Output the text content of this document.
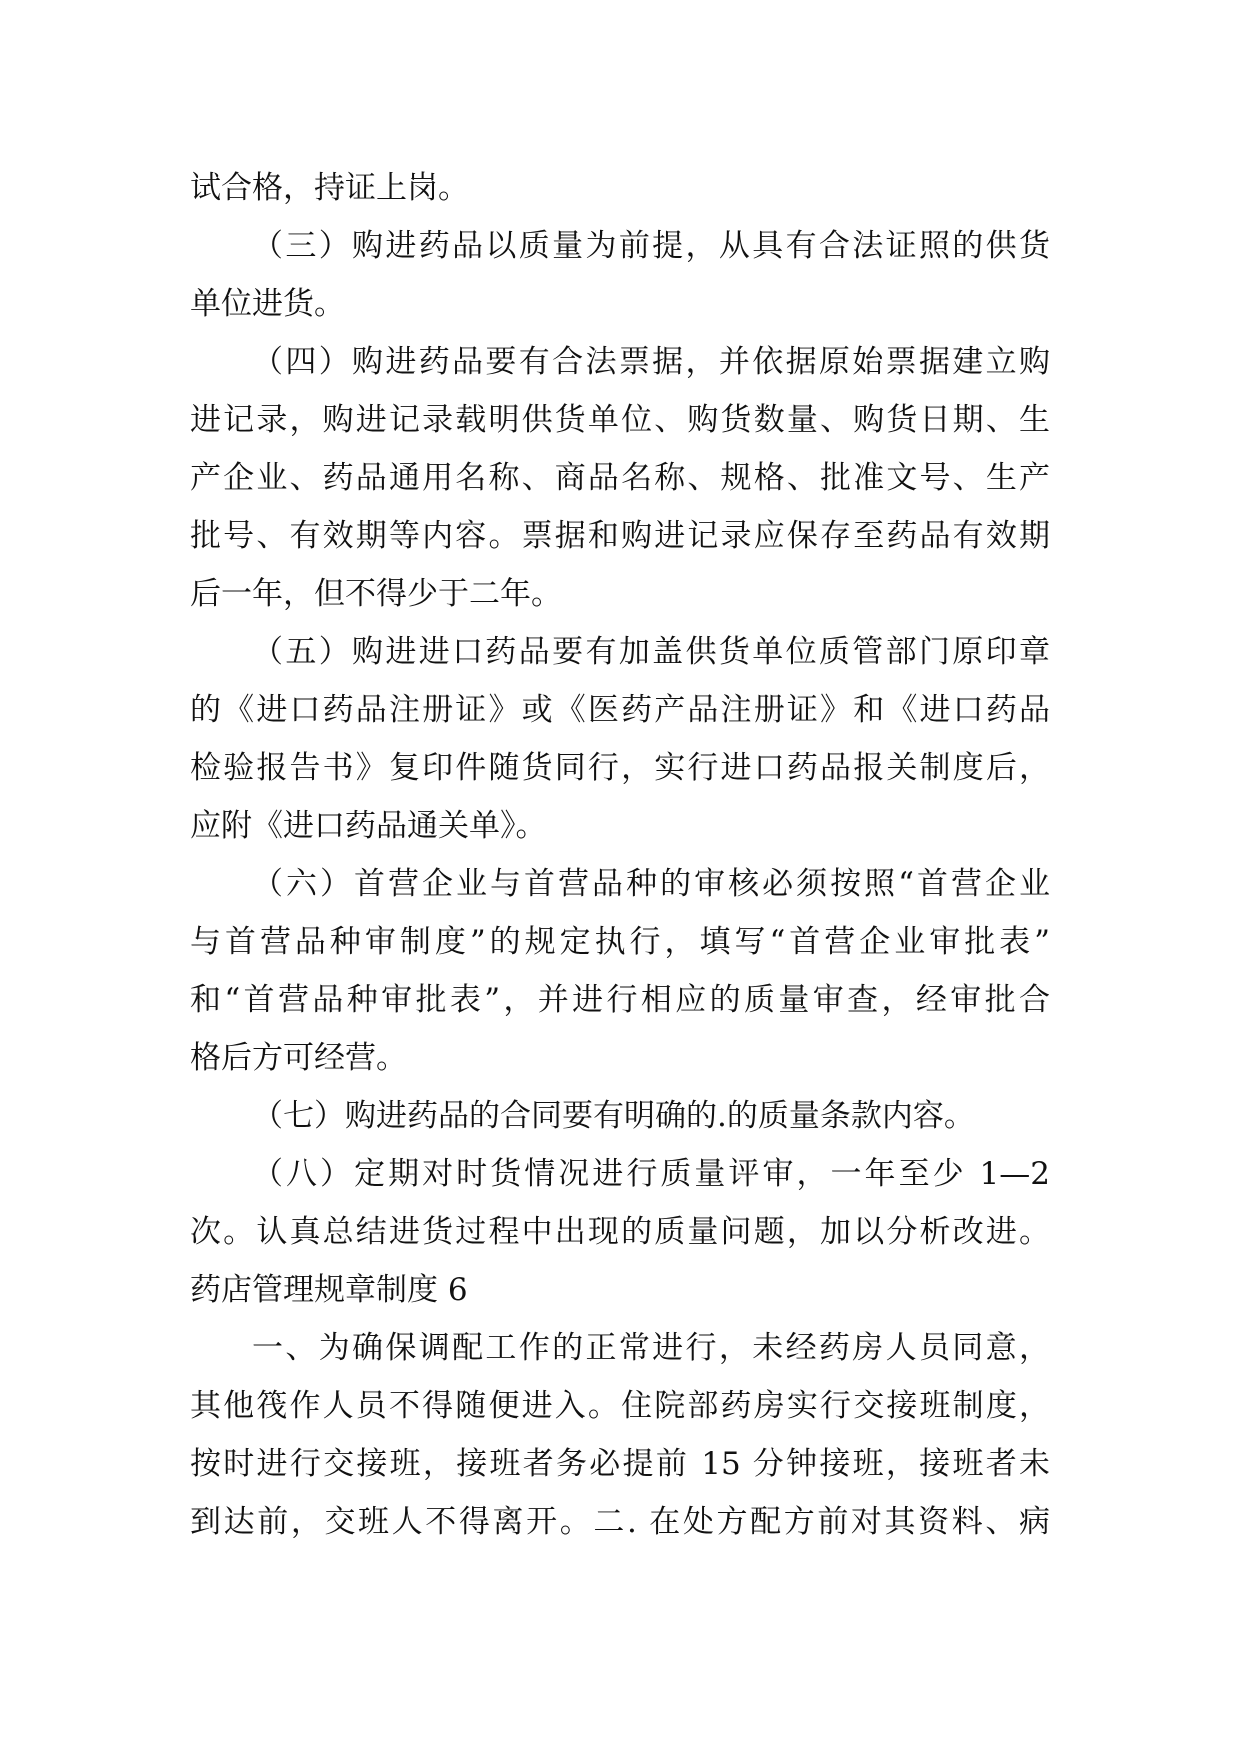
试合格，持证上岗。
（三）购进药品以质量为前提，从具有合法证照的供货
单位进货。
（四）购进药品要有合法票据，并依据原始票据建立购
进记录，购进记录载明供货单位、购货数量、购货日期、生
产企业、药品通用名称、商品名称、规格、批准文号、生产
批号、有效期等内容。票据和购进记录应保存至药品有效期
后一年，但不得少于二年。
（五）购进进口药品要有加盖供货单位质管部门原印章
的《进口药品注册证》或《医药产品注册证》和《进口药品
检验报告书》复印件随货同行，实行进口药品报关制度后，
应附《进口药品通关单》。
（六）首营企业与首营品种的审核必须按照“首营企业
与首营品种审制度”的规定执行，填写“首营企业审批表”
和“首营品种审批表”，并进行相应的质量审查，经审批合
格后方可经营。
（七）购进药品的合同要有明确的.的质量条款内容。
（八）定期对时货情况进行质量评审，一年至少 1—2
次。认真总结进货过程中出现的质量问题，加以分析改进。
药店管理规章制度 6
一、为确保调配工作的正常进行，未经药房人员同意，
其他筏作人员不得随便进入。住院部药房实行交接班制度，
按时进行交接班，接班者务必提前 15 分钟接班，接班者未
到达前，交班人不得离开。二. 在处方配方前对其资料、病
